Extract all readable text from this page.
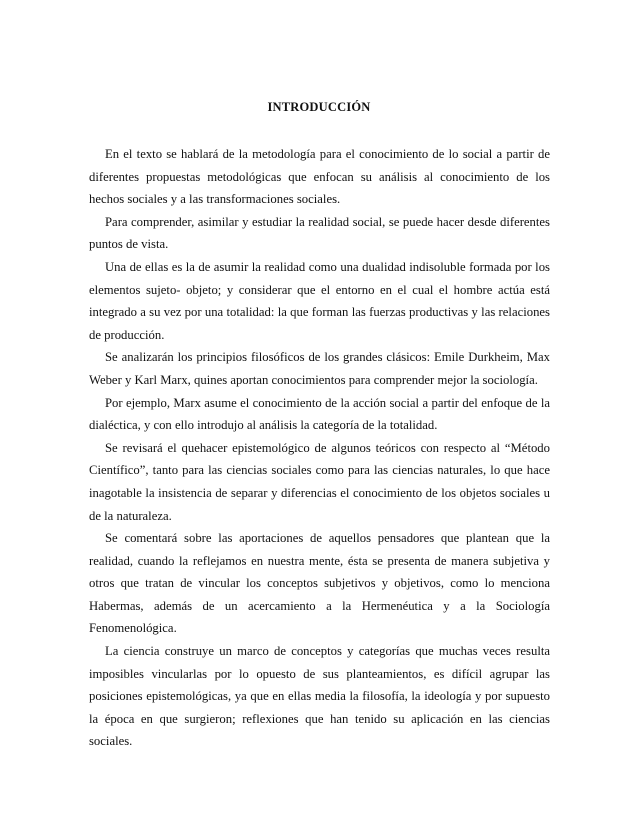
INTRODUCCIÓN

En el texto se hablará de la metodología para el conocimiento de lo social a partir de diferentes propuestas metodológicas que enfocan su análisis al conocimiento de los hechos sociales y a las transformaciones sociales.

Para comprender, asimilar y estudiar la realidad social, se puede hacer desde diferentes puntos de vista.

Una de ellas es la de asumir la realidad como una dualidad indisoluble formada por los elementos sujeto- objeto; y considerar que el entorno en el cual el hombre actúa está integrado a su vez por una totalidad: la que forman las fuerzas productivas y las relaciones de producción.

Se analizarán los principios filosóficos de los grandes clásicos: Emile Durkheim, Max Weber y Karl Marx, quines aportan conocimientos para comprender mejor la sociología.

Por ejemplo, Marx asume el conocimiento de la acción social a partir del enfoque de la dialéctica, y con ello introdujo al análisis la categoría de la totalidad.

Se revisará el quehacer epistemológico de algunos teóricos con respecto al “Método Científico”, tanto para las ciencias sociales como para las ciencias naturales, lo que hace inagotable la insistencia de separar y diferencias el conocimiento de los objetos sociales u de la naturaleza.

Se comentará sobre las aportaciones de aquellos pensadores que plantean que la realidad, cuando la reflejamos en nuestra mente, ésta se presenta de manera subjetiva y otros que tratan de vincular los conceptos subjetivos y objetivos, como lo menciona Habermas, además de un acercamiento a la Hermenéutica y a la Sociología Fenomenológica.

La ciencia construye un marco de conceptos y categorías que muchas veces resulta imposibles vincularlas por lo opuesto de sus planteamientos, es difícil agrupar las posiciones epistemológicas, ya que en ellas media la filosofía, la ideología y por supuesto la época en que surgieron; reflexiones que han tenido su aplicación en las ciencias sociales.
